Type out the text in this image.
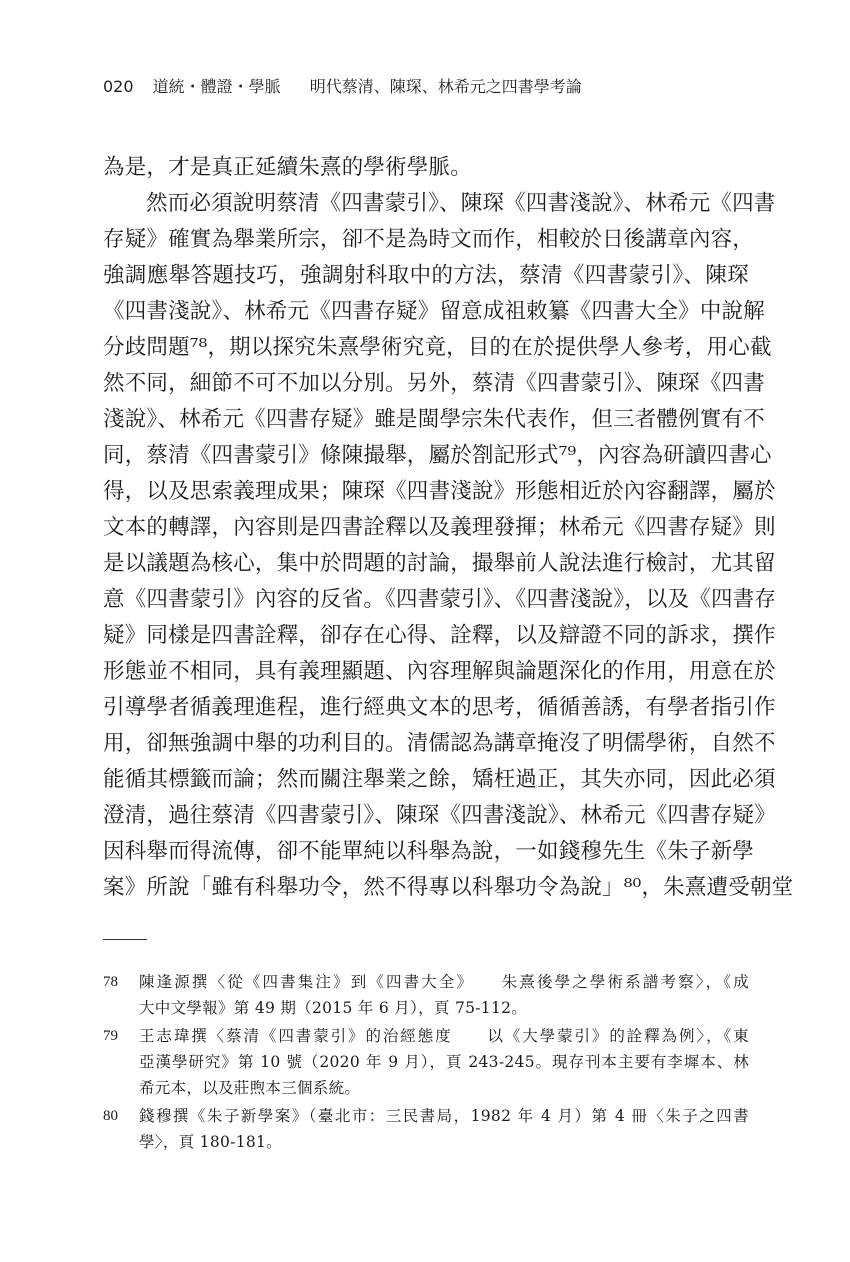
020 道統・體證・學脈 明代蔡清、陳琛、林希元之四書學考論
為是，才是真正延續朱熹的學術學脈。
然而必須說明蔡清《四書蒙引》、陳琛《四書淺說》、林希元《四書
存疑》確實為舉業所宗，卻不是為時文而作，相較於日後講章內容，
強調應舉答題技巧，強調射科取中的方法，蔡清《四書蒙引》、陳琛
《四書淺說》、林希元《四書存疑》留意成祖敕纂《四書大全》中說解
分歧問題⁷⁸，期以探究朱熹學術究竟，目的在於提供學人參考，用心截
然不同，細節不可不加以分別。另外，蔡清《四書蒙引》、陳琛《四書
淺說》、林希元《四書存疑》雖是閩學宗朱代表作，但三者體例實有不
同，蔡清《四書蒙引》條陳撮舉，屬於劄記形式⁷⁹，內容為研讀四書心
得，以及思索義理成果；陳琛《四書淺說》形態相近於內容翻譯，屬於
文本的轉譯，內容則是四書詮釋以及義理發揮；林希元《四書存疑》則
是以議題為核心，集中於問題的討論，撮舉前人說法進行檢討，尤其留
意《四書蒙引》內容的反省。《四書蒙引》、《四書淺說》，以及《四書存
疑》同樣是四書詮釋，卻存在心得、詮釋，以及辯證不同的訴求，撰作
形態並不相同，具有義理顯題、內容理解與論題深化的作用，用意在於
引導學者循義理進程，進行經典文本的思考，循循善誘，有學者指引作
用，卻無強調中舉的功利目的。清儒認為講章掩沒了明儒學術，自然不
能循其標籤而論；然而關注舉業之餘，矯枉過正，其失亦同，因此必須
澄清，過往蔡清《四書蒙引》、陳琛《四書淺說》、林希元《四書存疑》
因科舉而得流傳，卻不能單純以科舉為說，一如錢穆先生《朱子新學
案》所說「雖有科舉功令，然不得專以科舉功令為說」⁸⁰，朱熹遭受朝堂
78	陳逢源撰〈從《四書集注》到《四書大全》　　朱熹後學之學術系譜考察〉，《成
大中文學報》第 49 期（2015 年 6 月），頁 75-112。
79	王志瑋撰〈蔡清《四書蒙引》的治經態度　　以《大學蒙引》的詮釋為例〉，《東
亞漢學研究》第 10 號（2020 年 9 月），頁 243-245。現存刊本主要有李墀本、林
希元本，以及莊煦本三個系統。
80	錢穆撰《朱子新學案》（臺北市：三民書局，1982 年 4 月）第 4 冊〈朱子之四書
學〉，頁 180-181。
